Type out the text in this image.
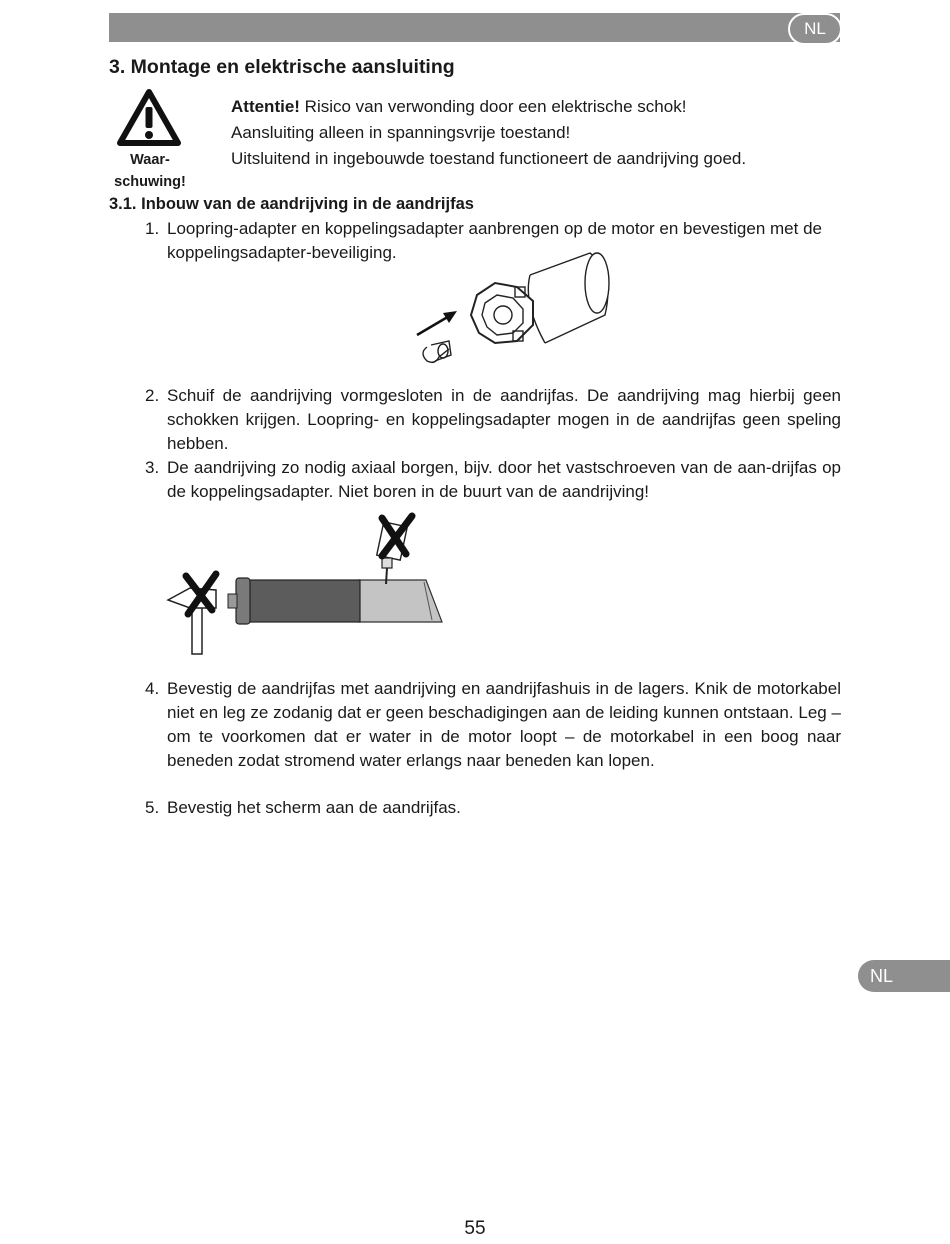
NL
3. Montage en elektrische aansluiting
Waar-
schuwing!
Attentie! Risico van verwonding door een elektrische schok!
Aansluiting alleen in spanningsvrije toestand!
Uitsluitend in ingebouwde toestand functioneert de aandrijving goed.
3.1. Inbouw van de aandrijving in de aandrijfas
1. Loopring-adapter en koppelingsadapter aanbrengen op de motor en bevestigen met de koppelingsadapter-beveiliging.
2. Schuif de aandrijving vormgesloten in de aandrijfas. De aandrijving mag hierbij geen schokken krijgen. Loopring- en koppelingsadapter mogen in de aandrijfas geen speling hebben.
3. De aandrijving zo nodig axiaal borgen, bijv. door het vastschroeven van de aan-drijfas op de koppelingsadapter. Niet boren in de buurt van de aandrijving!
4. Bevestig de aandrijfas met aandrijving en aandrijfashuis in de lagers. Knik de motorkabel niet en leg ze zodanig dat er geen beschadigingen aan de leiding kunnen ontstaan. Leg – om te voorkomen dat er water in de motor loopt – de motorkabel in een boog naar beneden zodat stromend water erlangs naar beneden kan lopen.
5. Bevestig het scherm aan de aandrijfas.
NL
55
